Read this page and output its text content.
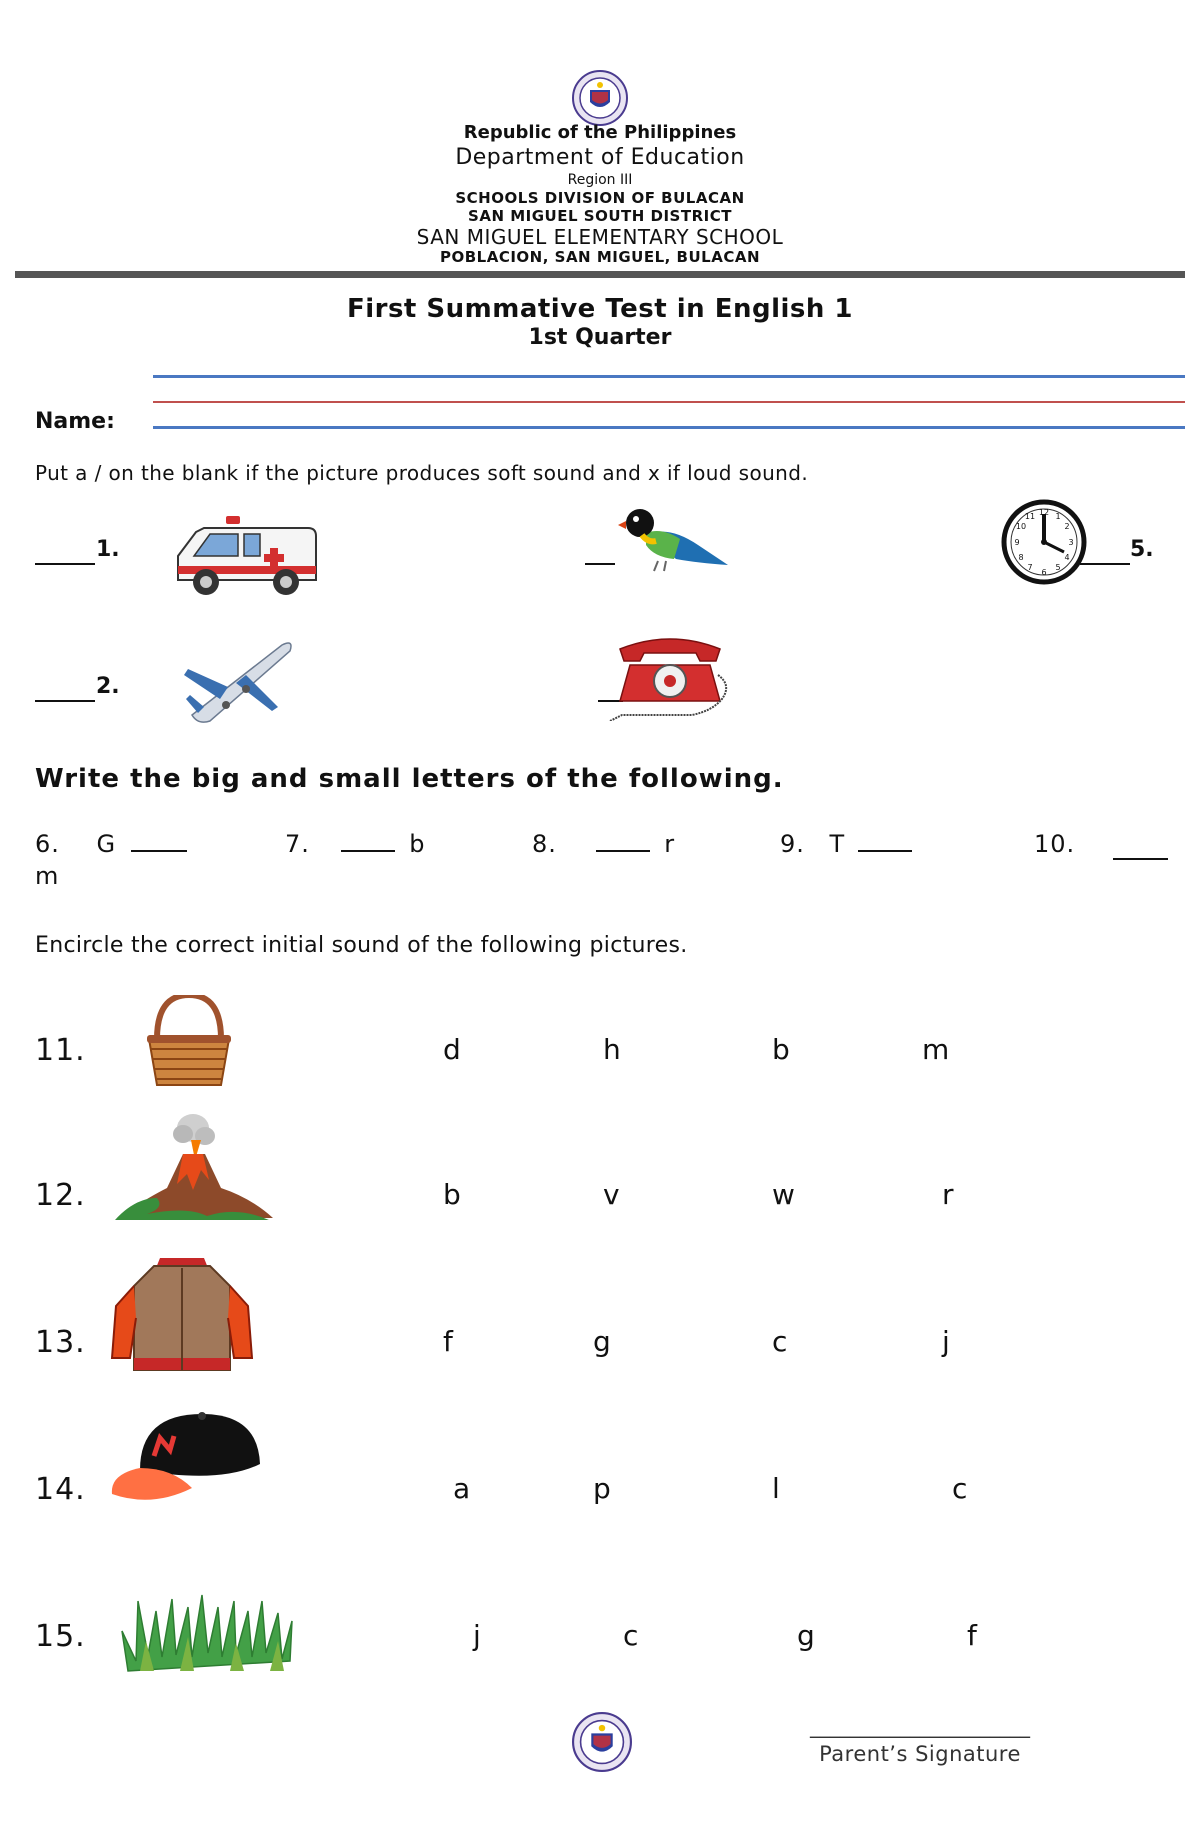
Republic of the Philippines
Department of Education
Region III
SCHOOLS DIVISION OF BULACAN
SAN MIGUEL SOUTH DISTRICT
SAN MIGUEL ELEMENTARY SCHOOL
POBLACION, SAN MIGUEL, BULACAN
First Summative Test in English 1
1st Quarter
Name:
Put a / on the blank if the picture produces soft sound and x if loud sound.
1.
12 1
2
3
4
5
6
7
8
9
10
11
5.
2.
Write the big and small letters of the following.
6. G	7.	b	8.	r	9. T	10.
m
Encircle the correct initial sound of the following pictures.
11.	d	h	b	m
12.	b	v	w	r
13.	f	g	c	j
14.	a	p	l	c
15.	j	c	g	f
______________________
Parent’s Signature
